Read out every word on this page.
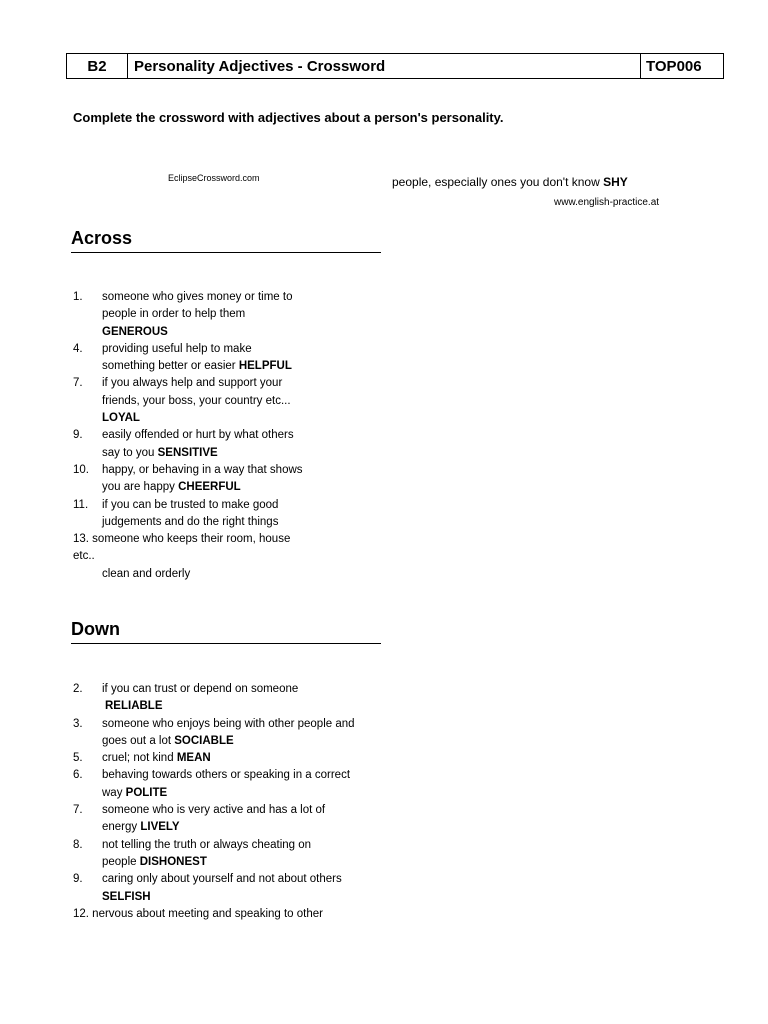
B2	Personality Adjectives - Crossword	TOP006
Complete the crossword with adjectives about a person's personality.
EclipseCrossword.com	people, especially ones you don't know SHY
www.english-practice.at
Across
1.	someone who gives money or time to
people in order to help them
GENEROUS
4.	providing useful help to make
something better or easier HELPFUL
7.	if you always help and support your
friends, your boss, your country etc...
LOYAL
9.	easily offended or hurt by what others
say to you SENSITIVE
10.	happy, or behaving in a way that shows
you are happy CHEERFUL
11.	if you can be trusted to make good
judgements and do the right things
13. someone who keeps their room, house
etc..
clean and orderly
Down
2.	if you can trust or depend on someone
RELIABLE
3.	someone who enjoys being with other people and
goes out a lot SOCIABLE
5.	cruel; not kind MEAN
6.	behaving towards others or speaking in a correct
way POLITE
7.	someone who is very active and has a lot of
energy LIVELY
8.	not telling the truth or always cheating on
people DISHONEST
9.	caring only about yourself and not about others
SELFISH
12. nervous about meeting and speaking to other
